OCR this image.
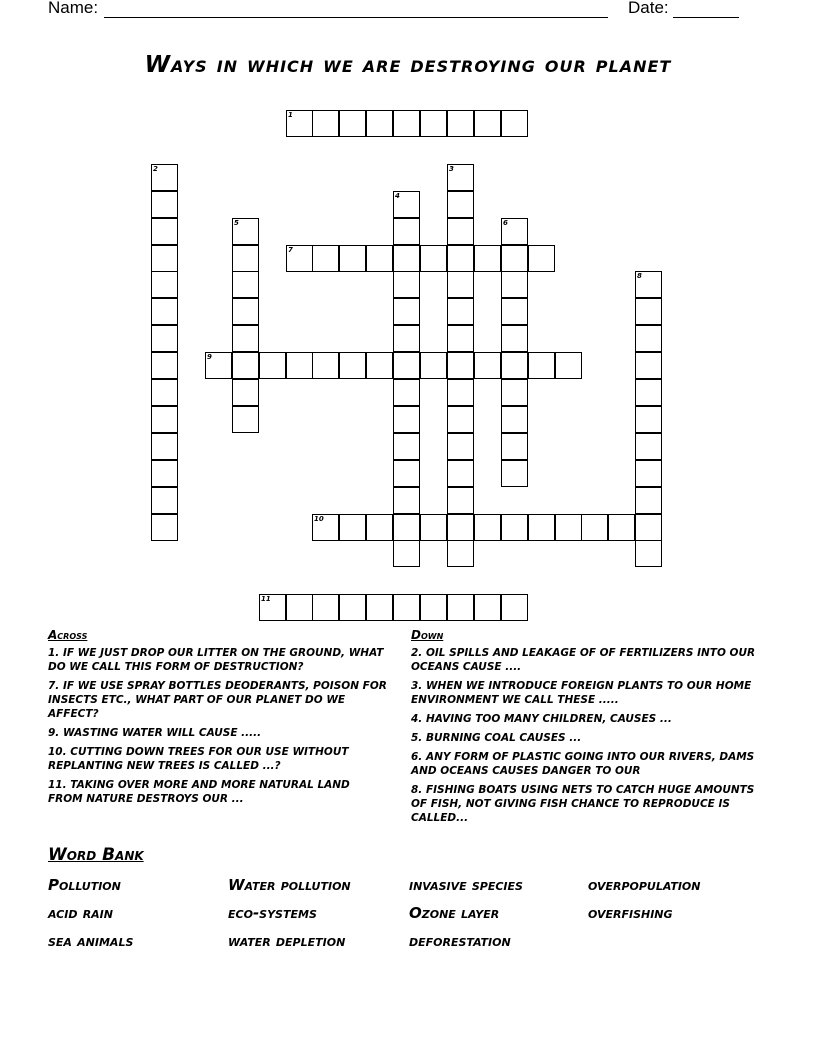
Name:	Date:
Ways in which we are destroying our planet
1
2	3
4
5	6
7
8
9
10
11
Across

1. IF WE JUST DROP OUR LITTER ON THE GROUND, WHAT DO WE CALL THIS FORM OF DESTRUCTION?

7. IF WE USE SPRAY BOTTLES DEODERANTS, POISON FOR INSECTS ETC., WHAT PART OF OUR PLANET DO WE AFFECT?

9. WASTING WATER WILL CAUSE .....

10. CUTTING DOWN TREES FOR OUR USE WITHOUT REPLANTING NEW TREES IS CALLED ...?

11. TAKING OVER MORE AND MORE NATURAL LAND FROM NATURE DESTROYS OUR ...

Down

2. OIL SPILLS AND LEAKAGE OF OF FERTILIZERS INTO OUR OCEANS CAUSE ....

3. WHEN WE INTRODUCE FOREIGN PLANTS TO OUR HOME ENVIRONMENT WE CALL THESE .....

4. HAVING TOO MANY CHILDREN, CAUSES ...

5. BURNING COAL CAUSES ...

6. ANY FORM OF PLASTIC GOING INTO OUR RIVERS, DAMS AND OCEANS CAUSES DANGER TO OUR

8. FISHING BOATS USING NETS TO CATCH HUGE AMOUNTS OF FISH, NOT GIVING FISH CHANCE TO REPRODUCE IS CALLED...

Word Bank
Pollution	Water pollution	invasive species	overpopulation
acid rain	eco-systems	Ozone layer	overfishing
sea animals	water depletion	deforestation
